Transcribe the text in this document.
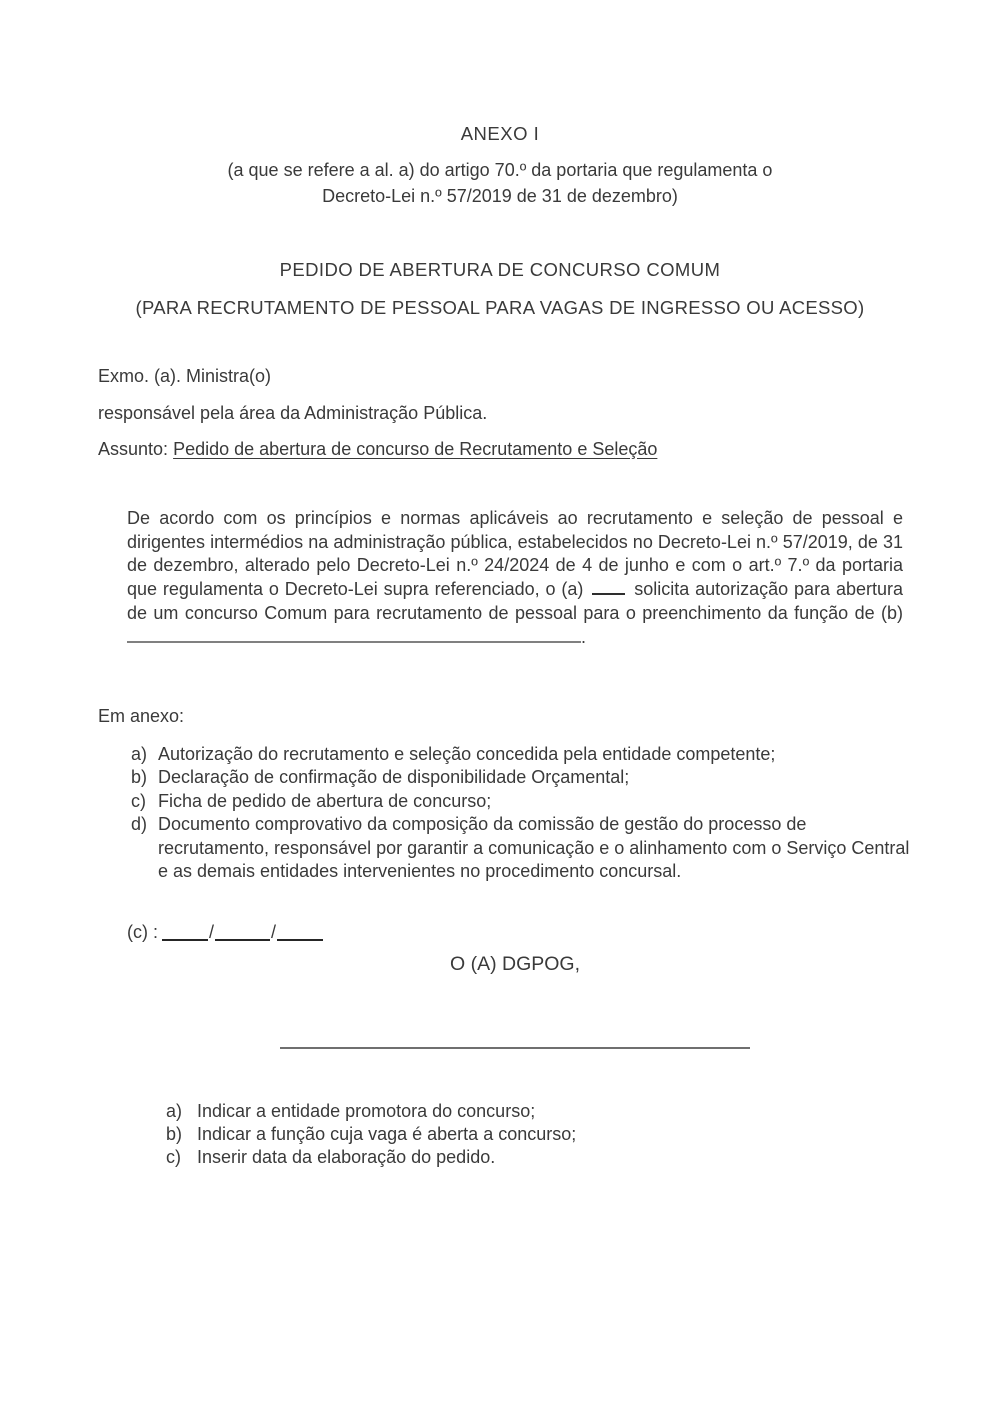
ANEXO I
(a que se refere a al. a) do artigo 70.º da portaria que regulamenta o
Decreto-Lei n.º 57/2019 de 31 de dezembro)
PEDIDO DE ABERTURA DE CONCURSO COMUM
(PARA RECRUTAMENTO DE PESSOAL PARA VAGAS DE INGRESSO OU ACESSO)
Exmo. (a). Ministra(o)
responsável pela área da Administração Pública.
Assunto: Pedido de abertura de concurso de Recrutamento e Seleção
De acordo com os princípios e normas aplicáveis ao recrutamento e seleção de pessoal e dirigentes intermédios na administração pública, estabelecidos no Decreto-Lei n.º 57/2019, de 31 de dezembro, alterado pelo Decreto-Lei n.º 24/2024 de 4 de junho e com o art.º 7.º da portaria que regulamenta o Decreto-Lei supra referenciado, o (a)	solicita autorização para abertura de um concurso Comum para recrutamento de pessoal para o preenchimento da função de (b) .
Em anexo:
a) Autorização do recrutamento e seleção concedida pela entidade competente;
b) Declaração de confirmação de disponibilidade Orçamental;
c) Ficha de pedido de abertura de concurso;
d) Documento comprovativo da composição da comissão de gestão do processo de recrutamento, responsável por garantir a comunicação e o alinhamento com o Serviço Central e as demais entidades intervenientes no procedimento concursal.
(c) :	/	/
O (A) DGPOG,
a) Indicar a entidade promotora do concurso;
b) Indicar a função cuja vaga é aberta a concurso;
c) Inserir data da elaboração do pedido.
